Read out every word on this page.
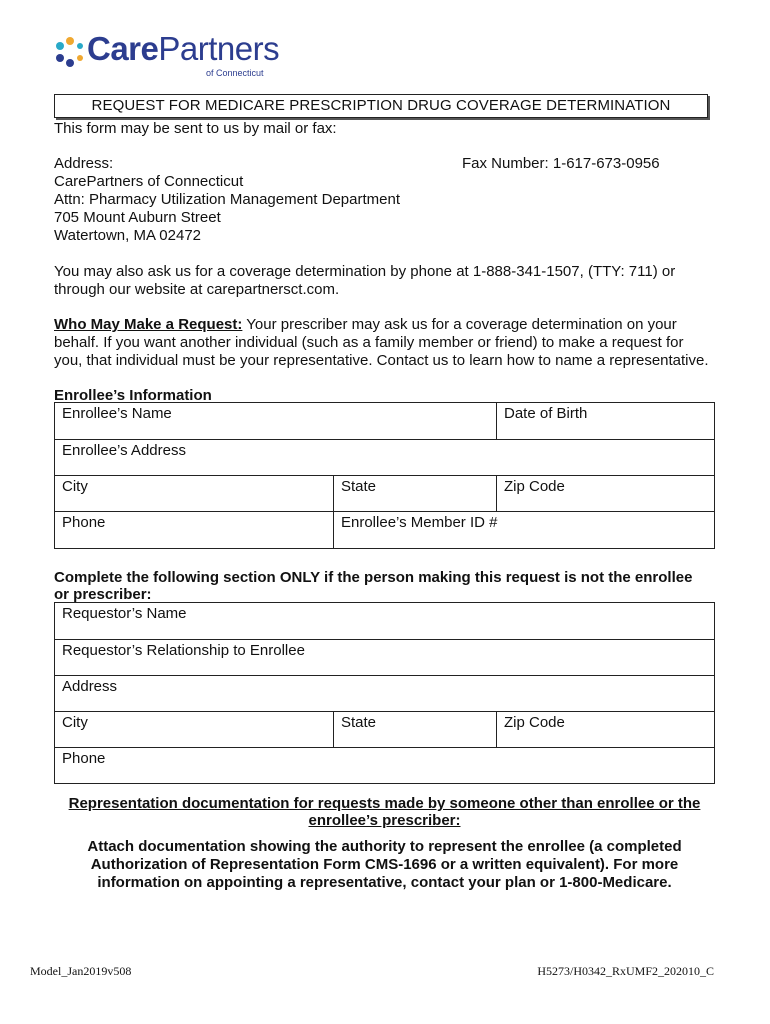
CarePartners
of Connecticut
REQUEST FOR MEDICARE PRESCRIPTION DRUG COVERAGE DETERMINATION
This form may be sent to us by mail or fax:
Address:
CarePartners of Connecticut
Attn: Pharmacy Utilization Management Department
705 Mount Auburn Street
Watertown, MA 02472
Fax Number: 1-617-673-0956
You may also ask us for a coverage determination by phone at 1-888-341-1507, (TTY: 711) or
through our website at carepartnersct.com.
Who May Make a Request: Your prescriber may ask us for a coverage determination on your
behalf. If you want another individual (such as a family member or friend) to make a request for
you, that individual must be your representative. Contact us to learn how to name a representative.
Enrollee’s Information
Enrollee’s Name	Date of Birth
Enrollee’s Address
City	State	Zip Code
Phone	Enrollee’s Member ID #
Complete the following section ONLY if the person making this request is not the enrollee
or prescriber:
Requestor’s Name
Requestor’s Relationship to Enrollee
Address
City	State	Zip Code
Phone
Representation documentation for requests made by someone other than enrollee or the
enrollee’s prescriber:
Attach documentation showing the authority to represent the enrollee (a completed
Authorization of Representation Form CMS-1696 or a written equivalent). For more
information on appointing a representative, contact your plan or 1-800-Medicare.
Model_Jan2019v508	H5273/H0342_RxUMF2_202010_C
